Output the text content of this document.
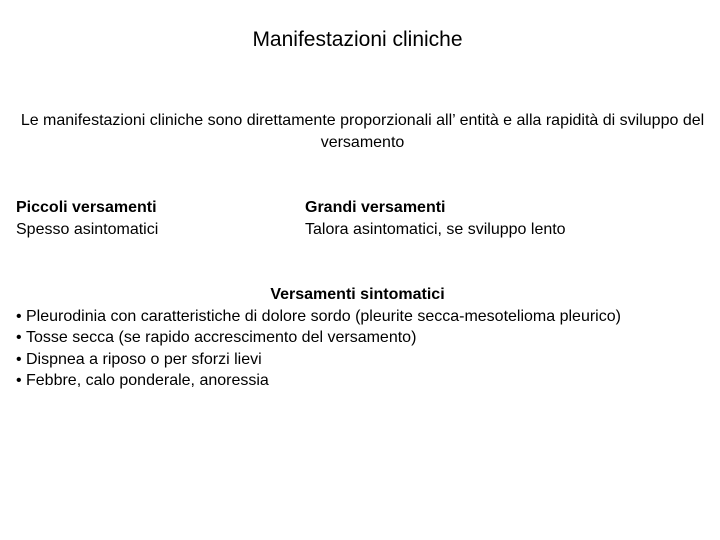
Manifestazioni cliniche
Le manifestazioni cliniche sono direttamente proporzionali all’ entità e alla rapidità di sviluppo del versamento
Piccoli versamenti
Spesso asintomatici
Grandi versamenti
Talora asintomatici, se sviluppo lento
Versamenti sintomatici
• Pleurodinia con caratteristiche di dolore sordo (pleurite secca-mesotelioma pleurico)
• Tosse secca (se rapido accrescimento del versamento)
• Dispnea a riposo o per sforzi lievi
• Febbre, calo ponderale, anoressia
